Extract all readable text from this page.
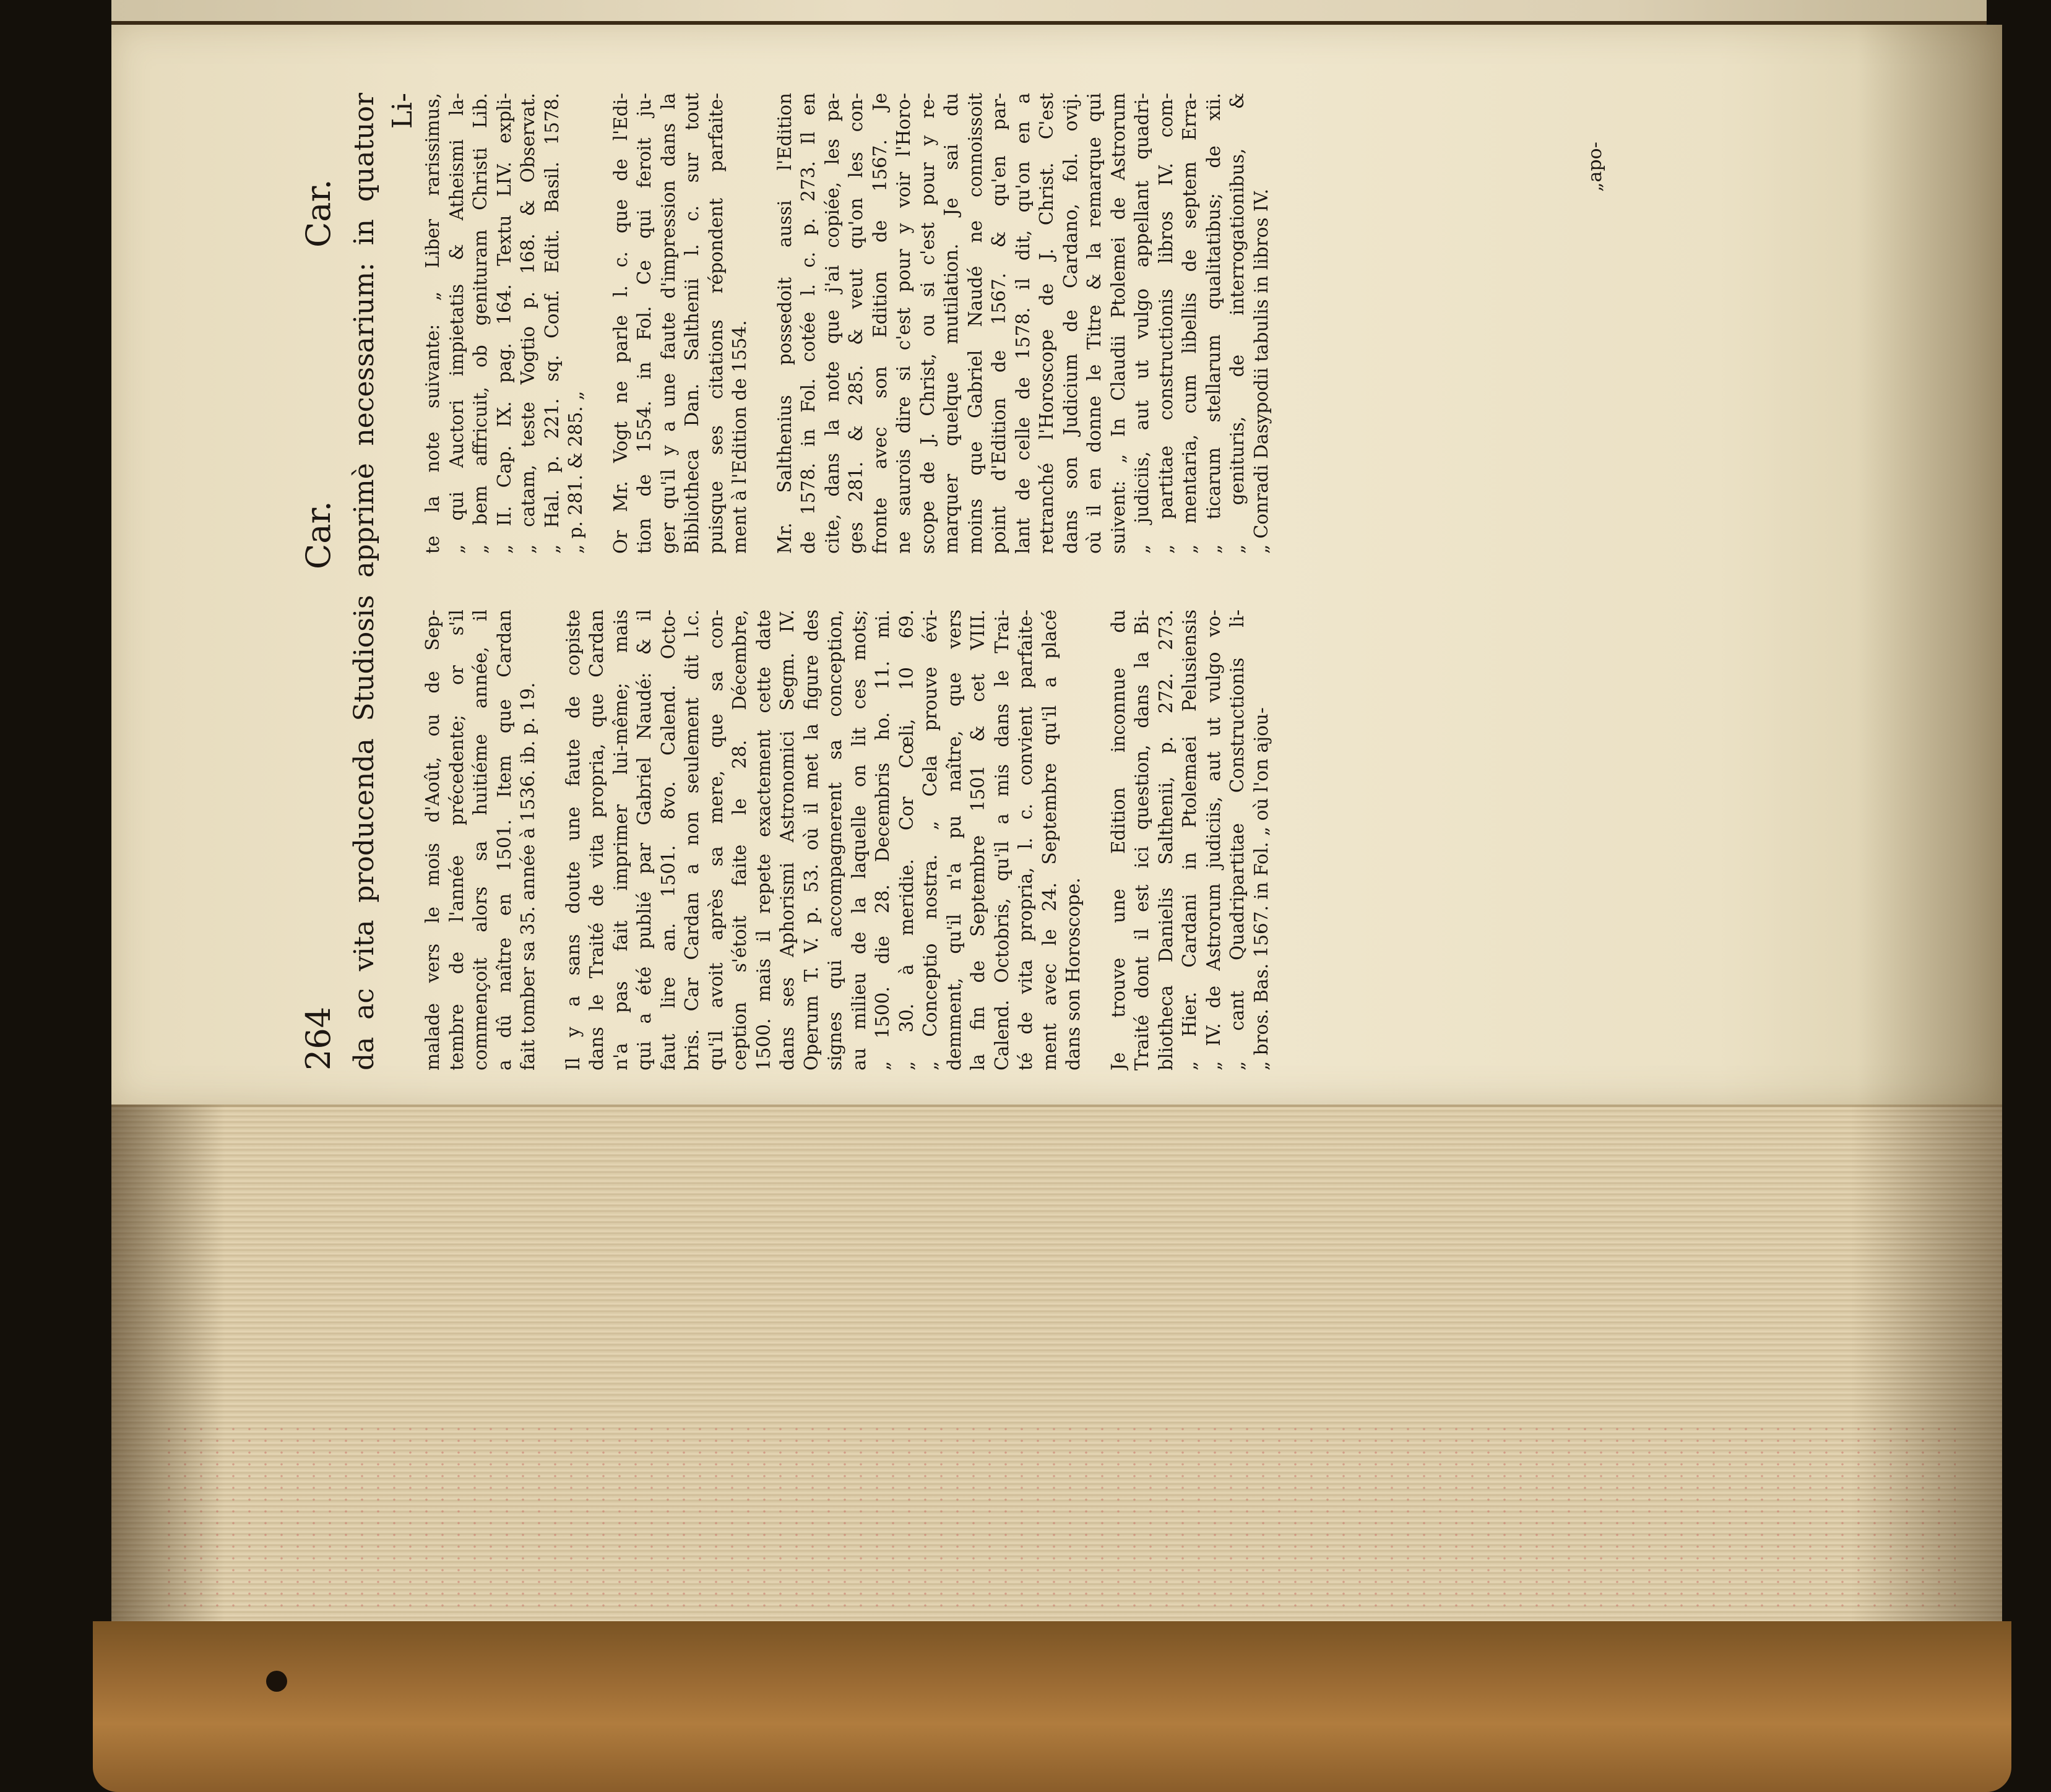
264
Car.
Car. da ac vita producenda Studiosis apprimè necessarium: in quatuor Li-

malade vers le mois d'Août, ou de Sep- tembre de l'année précedente; or s'il commençoit alors sa huitiéme année, il a dû naître en 1501. Item que Cardan fait tomber sa 35. année à 1536. ib. p. 19. Il y a sans doute une faute de copiste dans le Traité de vita propria, que Cardan n'a pas fait imprimer lui-même; mais qui a été publié par Gabriel Naudé: & il faut lire an. 1501. 8vo. Calend. Octo- bris. Car Cardan a non seulement dit l.c. qu'il avoit après sa mere, que sa con- ception s'étoit faite le 28. Décembre, 1500. mais il repete exactement cette date dans ses Aphorismi Astronomici Segm. IV. Operum T. V. p. 53. où il met la figure des signes qui accompagnerent sa conception, au milieu de la laquelle on lit ces mots; „ 1500. die 28. Decembris ho. 11. mi. „ 30. à meridie. Cor Cœli, 10 69. „ Conceptio nostra. „ Cela prouve évi- demment, qu'il n'a pu naître, que vers la fin de Septembre 1501 & cet VIII. Calend. Octobris, qu'il a mis dans le Trai- té de vita propria, l. c. convient parfaite- ment avec le 24. Septembre qu'il a placé dans son Horoscope. Je trouve une Edition inconnue du Traité dont il est ici question, dans la Bi- bliotheca Danielis Salthenii, p. 272. 273. „ Hier. Cardani in Ptolemaei Pelusiensis „ IV. de Astrorum judiciis, aut ut vulgo vo- „ cant Quadripartitae Constructionis li- „ bros. Bas. 1567. in Fol. „ où l'on ajou-

te la note suivante: „ Liber rarissimus, „ qui Auctori impietatis & Atheismi la- „ bem affricuit, ob genituram Christi Lib. „ II. Cap. IX. pag. 164. Textu LIV. expli- „ catam, teste Vogtio p. 168. & Observat. „ Hal. p. 221. sq. Conf. Edit. Basil. 1578. „ p. 281. & 285. „ Or Mr. Vogt ne parle l. c. que de l'Edi- tion de 1554. in Fol. Ce qui feroit ju- ger qu'il y a une faute d'impression dans la Bibliotheca Dan. Salthenii l. c. sur tout puisque ses citations répondent parfaite- ment à l'Edition de 1554. Mr. Salthenius possedoit aussi l'Edition de 1578. in Fol. cotée l. c. p. 273. Il en cite, dans la note que j'ai copiée, les pa- ges 281. & 285. & veut qu'on les con- fronte avec son Edition de 1567. Je ne saurois dire si c'est pour y voir l'Horo- scope de J. Christ, ou si c'est pour y re- marquer quelque mutilation. Je sai du moins que Gabriel Naudé ne connoissoit point d'Edition de 1567. & qu'en par- lant de celle de 1578. il dit, qu'on en a retranché l'Horoscope de J. Christ. C'est dans son Judicium de Cardano, fol. ovij. où il en donne le Titre & la remarque qui suivent: „ In Claudii Ptolemei de Astrorum „ judiciis, aut ut vulgo appellant quadri- „ partitae constructionis libros IV. com- „ mentaria, cum libellis de septem Erra- „ ticarum stellarum qualitatibus; de xii. „ genituris, de interrogationibus, & „ Conradi Dasypodii tabulis in libros IV.

„apo-
